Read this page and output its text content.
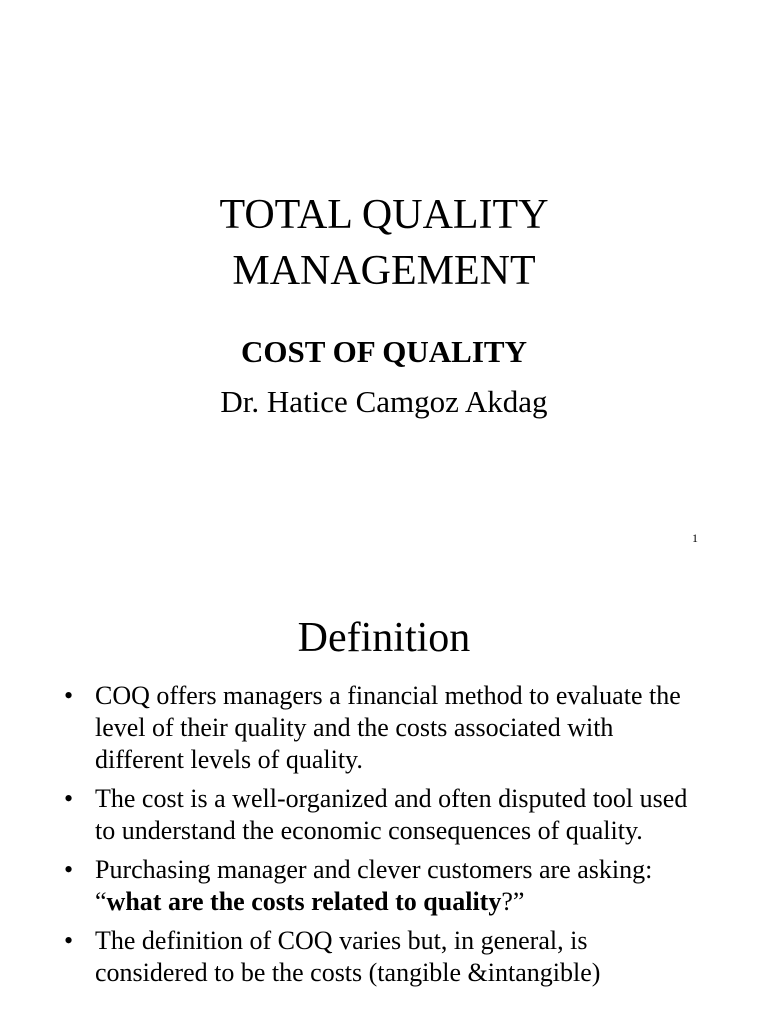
TOTAL QUALITY
MANAGEMENT
COST OF QUALITY
Dr. Hatice Camgoz Akdag
1
Definition
• COQ offers managers a financial method to evaluate the level of their quality and the costs associated with different levels of quality.
• The cost is a well-organized and often disputed tool used to understand the economic consequences of quality.
• Purchasing manager and clever customers are asking: “what are the costs related to quality?”
• The definition of COQ varies but, in general, is considered to be the costs (tangible &intangible)
